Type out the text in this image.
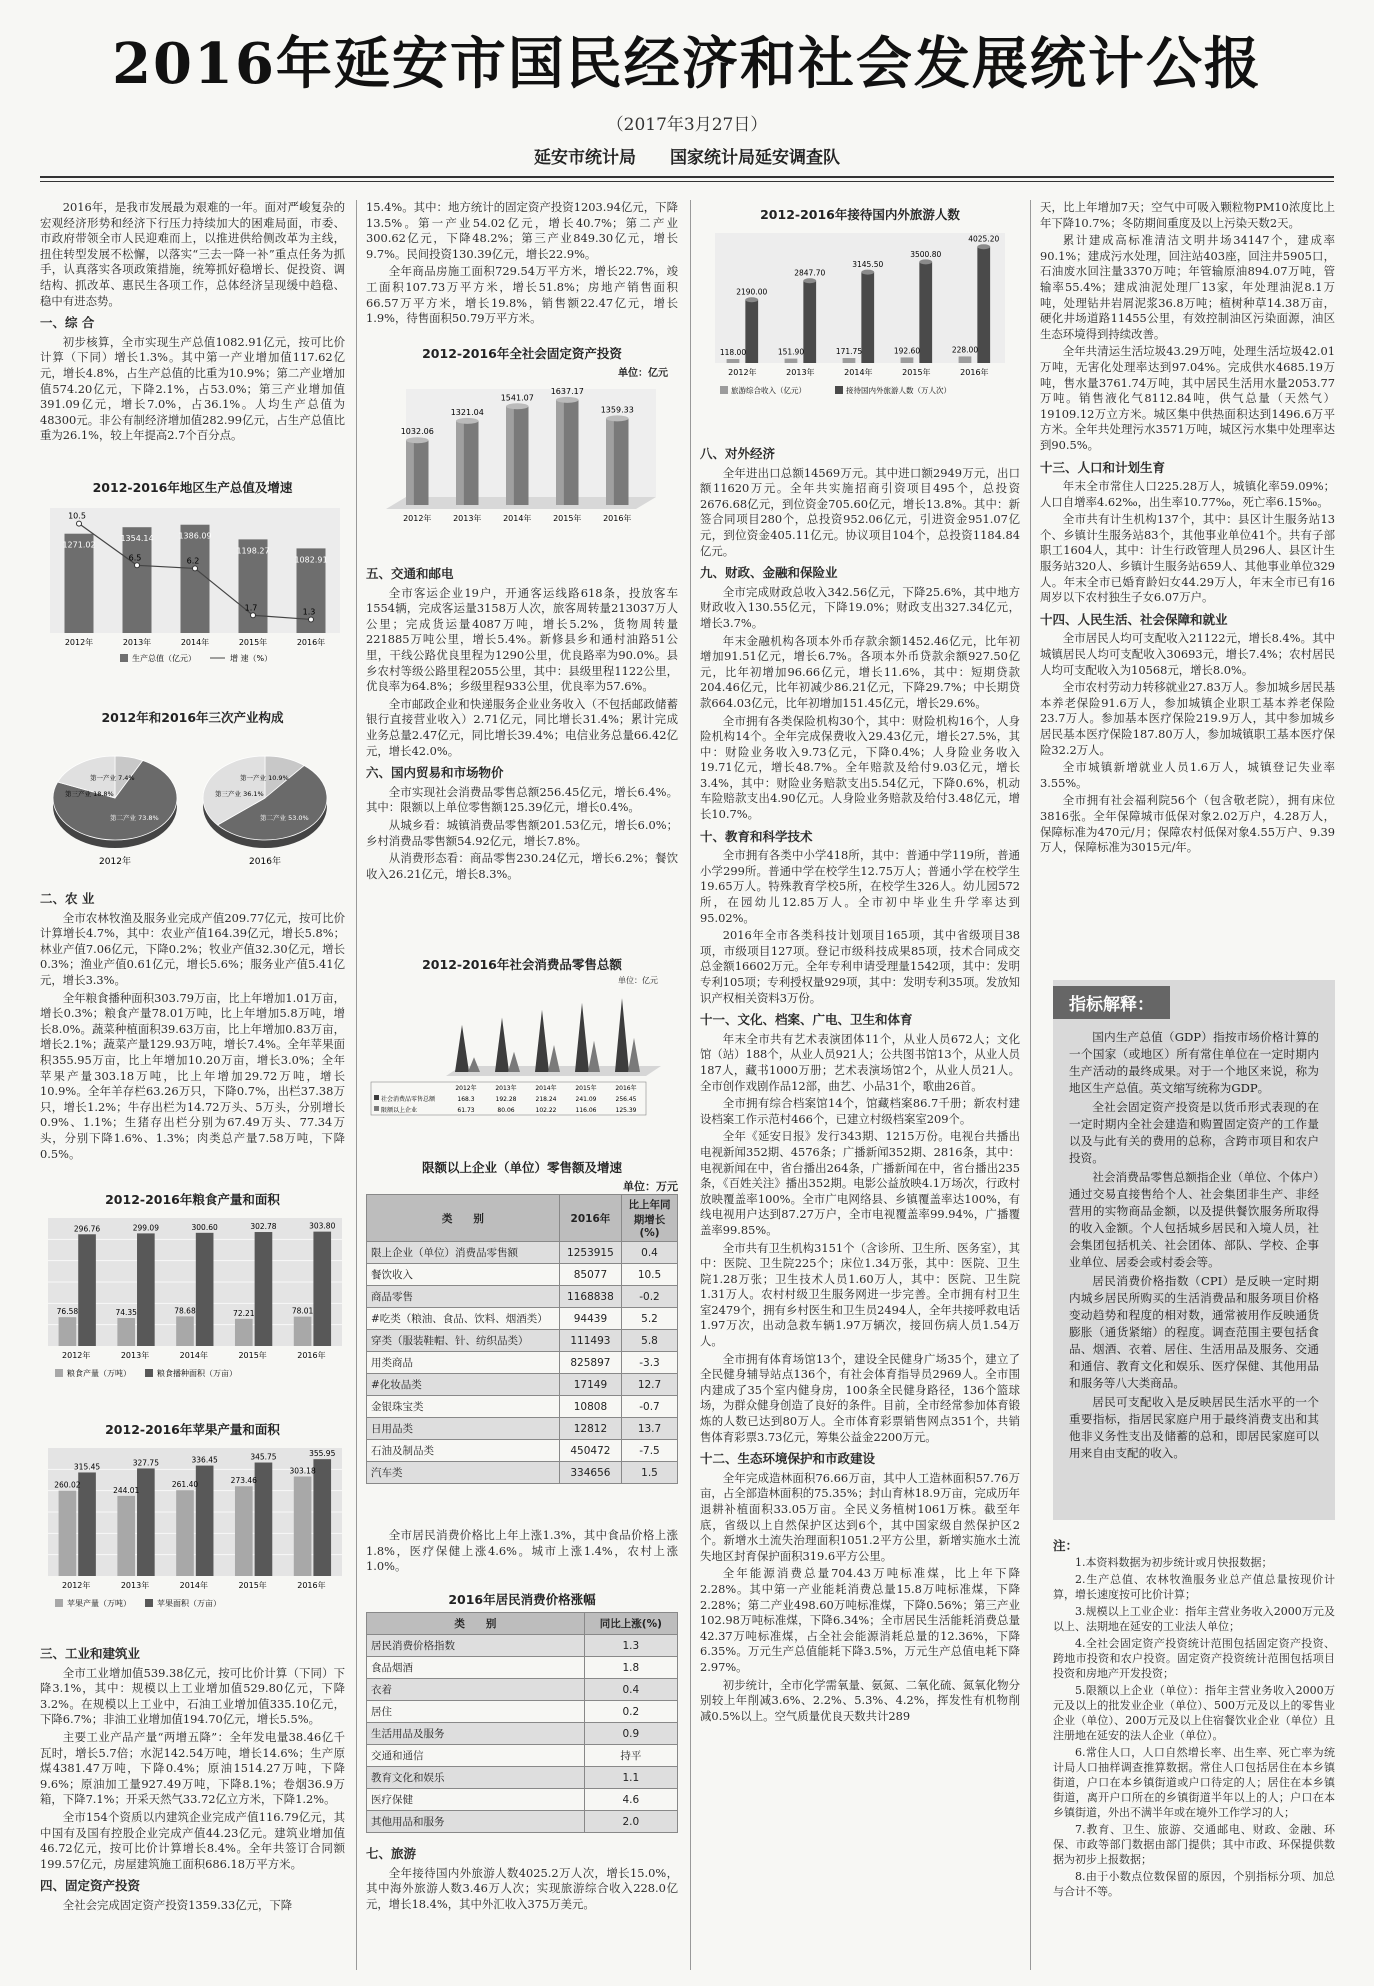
2016年延安市国民经济和社会发展统计公报
（2017年3月27日）
延安市统计局 国家统计局延安调查队

2016年，是我市发展最为艰难的一年。面对严峻复杂的宏观经济形势和经济下行压力持续加大的困难局面，市委、市政府带领全市人民迎难而上，以推进供给侧改革为主线，扭住转型发展不松懈，以落实“三去一降一补”重点任务为抓手，认真落实各项政策措施，统筹抓好稳增长、促投资、调结构、抓改革、惠民生各项工作，总体经济呈现缓中趋稳、稳中有进态势。

一、综 合

初步核算，全市实现生产总值1082.91亿元，按可比价计算（下同）增长1.3%。其中第一产业增加值117.62亿元，增长4.8%，占生产总值的比重为10.9%；第二产业增加值574.20亿元，下降2.1%，占53.0%；第三产业增加值391.09亿元，增长7.0%，占36.1%。人均生产总值为48300元。非公有制经济增加值282.99亿元，占生产总值比重为26.1%，较上年提高2.7个百分点。

2012-2016年地区生产总值及增速
1271.02
2012年
1354.14
2013年
1386.09
2014年
1198.27
2015年
1082.91
2016年
10.5
6.5	6.2
1.7	1.3
生产总值（亿元）	增 速（%）
2012年和2016年三次产业构成
第一产业 7.4%
第三产业 18.8%
第二产业 73.8%
2012年
第一产业 10.9%
第三产业 36.1%
第二产业 53.0%
2016年
二、农 业

全市农林牧渔及服务业完成产值209.77亿元，按可比价计算增长4.7%，其中：农业产值164.39亿元，增长5.8%；林业产值7.06亿元，下降0.2%；牧业产值32.30亿元，增长0.3%；渔业产值0.61亿元，增长5.6%；服务业产值5.41亿元，增长3.3%。

全年粮食播种面积303.79万亩，比上年增加1.01万亩，增长0.3%；粮食产量78.01万吨，比上年增加5.8万吨，增长8.0%。蔬菜种植面积39.63万亩，比上年增加0.83万亩，增长2.1%；蔬菜产量129.93万吨，增长7.4%。全年苹果面积355.95万亩，比上年增加10.20万亩，增长3.0%；全年苹果产量303.18万吨，比上年增加29.72万吨，增长10.9%。全年羊存栏63.26万只，下降0.7%，出栏37.38万只，增长1.2%；牛存出栏为14.72万头、5万头，分别增长0.9%、1.1%；生猪存出栏分别为67.49万头、77.34万头，分别下降1.6%、1.3%；肉类总产量7.58万吨，下降0.5%。

2012-2016年粮食产量和面积
76.58
296.76
2012年
74.35
299.09
2013年
78.68
300.60
2014年
72.21
302.78
2015年
78.01
303.80
2016年
粮食产量（万吨）	粮食播种面积（万亩）
2012-2016年苹果产量和面积
260.02
315.45
2012年
244.01
327.75
2013年
261.40
336.45
2014年
273.46
345.75
2015年
303.18
355.95
2016年
苹果产量（万吨）	苹果面积（万亩）
三、工业和建筑业

全市工业增加值539.38亿元，按可比价计算（下同）下降3.1%，其中：规模以上工业增加值529.80亿元，下降3.2%。在规模以上工业中，石油工业增加值335.10亿元，下降6.7%；非油工业增加值194.70亿元，增长5.5%。

主要工业产品产量“两增五降”：全年发电量38.46亿千瓦时，增长5.7倍；水泥142.54万吨，增长14.6%；生产原煤4381.47万吨，下降0.4%；原油1514.27万吨，下降9.6%；原油加工量927.49万吨，下降8.1%；卷烟36.9万箱，下降7.1%；开采天然气33.72亿立方米，下降1.2%。

全市154个资质以内建筑企业完成产值116.79亿元，其中国有及国有控股企业完成产值44.23亿元。建筑业增加值46.72亿元，按可比价计算增长8.4%。全年共签订合同额199.57亿元，房屋建筑施工面积686.18万平方米。

四、固定资产投资

全社会完成固定资产投资1359.33亿元，下降

15.4%。其中：地方统计的固定资产投资1203.94亿元，下降13.5%。第一产业54.02亿元，增长40.7%；第二产业300.62亿元，下降48.2%；第三产业849.30亿元，增长9.7%。民间投资130.39亿元，增长22.9%。

全年商品房施工面积729.54万平方米，增长22.7%，竣工面积107.73万平方米，增长51.8%；房地产销售面积66.57万平方米，增长19.8%，销售额22.47亿元，增长1.9%，待售面积50.79万平方米。

2012-2016年全社会固定资产投资
单位：亿元
1032.06
2012年
1321.04
2013年
1541.07
2014年
1637.17
2015年
1359.33
2016年
五、交通和邮电

全市客运企业19户，开通客运线路618条，投放客车1554辆，完成客运量3158万人次，旅客周转量213037万人公里；完成货运量4087万吨，增长5.2%，货物周转量221885万吨公里，增长5.4%。新修县乡和通村油路51公里，干线公路优良里程为1290公里，优良路率为90.0%。县乡农村等级公路里程2055公里，其中：县级里程1122公里，优良率为64.8%；乡级里程933公里，优良率为57.6%。

全市邮政企业和快递服务企业业务收入（不包括邮政储蓄银行直接营业收入）2.71亿元，同比增长31.4%；累计完成业务总量2.47亿元，同比增长39.4%；电信业务总量66.42亿元，增长42.0%。

六、国内贸易和市场物价

全市实现社会消费品零售总额256.45亿元，增长6.4%。其中：限额以上单位零售额125.39亿元，增长0.4%。

从城乡看：城镇消费品零售额201.53亿元，增长6.0%；乡村消费品零售额54.92亿元，增长7.8%。

从消费形态看：商品零售230.24亿元，增长6.2%；餐饮收入26.21亿元，增长8.3%。

2012-2016年社会消费品零售总额
单位：亿元
2012年
168.3
61.73
2013年
192.28
80.06
2014年
218.24
102.22
2015年
241.09
116.06
2016年
256.45
125.39
社会消费品零售总额
限额以上企业
限额以上企业（单位）零售额及增速
单位：万元
类　　别	2016年	比上年同期增长(%)
限上企业（单位）消费品零售额	1253915	0.4
餐饮收入	85077	10.5
商品零售	1168838	-0.2
#吃类（粮油、食品、饮料、烟酒类）	94439	5.2
穿类（服装鞋帽、针、纺织品类）	111493	5.8
用类商品	825897	-3.3
#化妆品类	17149	12.7
金银珠宝类	10808	-0.7
日用品类	12812	13.7
石油及制品类	450472	-7.5
汽车类	334656	1.5

全市居民消费价格比上年上涨1.3%，其中食品价格上涨1.8%，医疗保健上涨4.6%。城市上涨1.4%，农村上涨1.0%。

2016年居民消费价格涨幅
类　　别	同比上涨(%)
居民消费价格指数	1.3
食品烟酒	1.8
衣着	0.4
居住	0.2
生活用品及服务	0.9
交通和通信	持平
教育文化和娱乐	1.1
医疗保健	4.6
其他用品和服务	2.0
七、旅游

全年接待国内外旅游人数4025.2万人次，增长15.0%，其中海外旅游人数3.46万人次；实现旅游综合收入228.0亿元，增长18.4%，其中外汇收入375万美元。

2012-2016年接待国内外旅游人数
118.00
2190.00
2012年
151.90
2847.70
2013年
171.75
3145.50
2014年
192.60
3500.80
2015年
228.00
4025.20
2016年
旅游综合收入（亿元）	接待国内外旅游人数（万人次）
八、对外经济

全年进出口总额14569万元。其中进口额2949万元，出口额11620万元。全年共实施招商引资项目495个，总投资2676.68亿元，到位资金705.60亿元，增长13.8%。其中：新签合同项目280个，总投资952.06亿元，引进资金951.07亿元，到位资金405.11亿元。协议项目104个，总投资1184.84亿元。

九、财政、金融和保险业

全市完成财政总收入342.56亿元，下降25.6%，其中地方财政收入130.55亿元，下降19.0%；财政支出327.34亿元，增长3.7%。

年末金融机构各项本外币存款余额1452.46亿元，比年初增加91.51亿元，增长6.7%。各项本外币贷款余额927.50亿元，比年初增加96.66亿元，增长11.6%，其中：短期贷款204.46亿元，比年初减少86.21亿元，下降29.7%；中长期贷款664.03亿元，比年初增加151.45亿元，增长29.6%。

全市拥有各类保险机构30个，其中：财险机构16个，人身险机构14个。全年完成保费收入29.43亿元，增长27.5%，其中：财险业务收入9.73亿元，下降0.4%；人身险业务收入19.71亿元，增长48.7%。全年赔款及给付9.03亿元，增长3.4%，其中：财险业务赔款支出5.54亿元，下降0.6%，机动车险赔款支出4.90亿元。人身险业务赔款及给付3.48亿元，增长10.7%。

十、教育和科学技术

全市拥有各类中小学418所，其中：普通中学119所，普通小学299所。普通中学在校学生12.75万人；普通小学在校学生19.65万人。特殊教育学校5所，在校学生326人。幼儿园572所，在园幼儿12.85万人。全市初中毕业生升学率达到95.02%。

2016年全市各类科技计划项目165项，其中省级项目38项，市级项目127项。登记市级科技成果85项，技术合同成交总金额16602万元。全年专利申请受理量1542项，其中：发明专利105项；专利授权量929项，其中：发明专利35项。发放知识产权相关资料3万份。

十一、文化、档案、广电、卫生和体育

年末全市共有艺术表演团体11个，从业人员672人；文化馆（站）188个，从业人员921人；公共图书馆13个，从业人员187人，藏书1000万册；艺术表演场馆2个，从业人员21人。全市创作戏剧作品12部，曲艺、小品31个，歌曲26首。

全市拥有综合档案馆14个，馆藏档案86.7千册；新农村建设档案工作示范村466个，已建立村级档案室209个。

全年《延安日报》发行343期、1215万份。电视台共播出电视新闻352期、4576条；广播新闻352期、2816条，其中：电视新闻在中，省台播出264条，广播新闻在中，省台播出235条，《百姓关注》播出352期。电影公益放映4.1万场次，行政村放映覆盖率100%。全市广电网络县、乡镇覆盖率达100%，有线电视用户达到87.27万户，全市电视覆盖率99.94%，广播覆盖率99.85%。

全市共有卫生机构3151个（含诊所、卫生所、医务室），其中：医院、卫生院225个；床位1.34万张，其中：医院、卫生院1.28万张；卫生技术人员1.60万人，其中：医院、卫生院1.31万人。农村村级卫生服务网进一步完善。全市拥有村卫生室2479个，拥有乡村医生和卫生员2494人，全年共接呼救电话1.97万次，出动急救车辆1.97万辆次，接回伤病人员1.54万人。

全市拥有体育场馆13个，建设全民健身广场35个，建立了全民健身辅导站点136个，有社会体育指导员2969人。全市围内建成了35个室内健身房，100条全民健身路径，136个篮球场，为群众健身创造了良好的条件。目前，全市经常参加体育锻炼的人数已达到80万人。全市体育彩票销售网点351个，共销售体育彩票3.73亿元，筹集公益金2200万元。

十二、生态环境保护和市政建设

全年完成造林面积76.66万亩，其中人工造林面积57.76万亩，占全部造林面积的75.35%；封山育林18.9万亩，完成历年退耕补植面积33.05万亩。全民义务植树1061万株。截至年底，省级以上自然保护区达到6个，其中国家级自然保护区2个。新增水土流失治理面积1051.2平方公里，新增实施水土流失地区封育保护面积319.6平方公里。

全年能源消费总量704.43万吨标准煤，比上年下降2.28%。其中第一产业能耗消费总量15.8万吨标准煤，下降2.28%；第二产业498.60万吨标准煤，下降0.56%；第三产业102.98万吨标准煤，下降6.34%；全市居民生活能耗消费总量42.37万吨标准煤，占全社会能源消耗总量的12.36%，下降6.35%。万元生产总值能耗下降3.5%，万元生产总值电耗下降2.97%。

初步统计，全市化学需氧量、氨氮、二氧化硫、氮氧化物分别较上年削减3.6%、2.2%、5.3%、4.2%，挥发性有机物削减0.5%以上。空气质量优良天数共计289

天，比上年增加7天；空气中可吸入颗粒物PM10浓度比上年下降10.7%；冬防期间重度及以上污染天数2天。

累计建成高标准清洁文明井场34147个，建成率90.1%；建成污水处理，回注站403座，回注井5905口，石油废水回注量3370万吨；年管输原油894.07万吨，管输率55.4%；建成油泥处理厂13家，年处理油泥8.1万吨，处理钻井岩屑泥浆36.8万吨；植树种草14.38万亩，硬化井场道路11455公里，有效控制油区污染面源，油区生态环境得到持续改善。

全年共清运生活垃圾43.29万吨，处理生活垃圾42.01万吨，无害化处理率达到97.04%。完成供水4685.19万吨，售水量3761.74万吨，其中居民生活用水量2053.77万吨。销售液化气8112.84吨，供气总量（天然气）19109.12万立方米。城区集中供热面积达到1496.6万平方米。全年共处理污水3571万吨，城区污水集中处理率达到90.5%。

十三、人口和计划生育

年末全市常住人口225.28万人，城镇化率59.09%；人口自增率4.62‰，出生率10.77‰，死亡率6.15‰。

全市共有计生机构137个，其中：县区计生服务站13个、乡镇计生服务站83个，其他事业单位41个。共有子部职工1604人，其中：计生行政管理人员296人、县区计生服务站320人、乡镇计生服务站659人、其他事业单位329人。年末全市已婚育龄妇女44.29万人，年末全市已有16周岁以下农村独生子女6.07万户。

十四、人民生活、社会保障和就业

全市居民人均可支配收入21122元，增长8.4%。其中城镇居民人均可支配收入30693元，增长7.4%；农村居民人均可支配收入为10568元，增长8.0%。

全市农村劳动力转移就业27.83万人。参加城乡居民基本养老保险91.6万人，参加城镇企业职工基本养老保险23.7万人。参加基本医疗保险219.9万人，其中参加城乡居民基本医疗保险187.80万人，参加城镇职工基本医疗保险32.2万人。

全市城镇新增就业人员1.6万人，城镇登记失业率3.55%。

全市拥有社会福利院56个（包含敬老院），拥有床位3816张。全年保障城市低保对象2.02万户，4.28万人，保障标准为470元/月；保障农村低保对象4.55万户、9.39万人，保障标准为3015元/年。

指标解释：

国内生产总值（GDP）指按市场价格计算的一个国家（或地区）所有常住单位在一定时期内生产活动的最终成果。对于一个地区来说，称为地区生产总值。英文缩写统称为GDP。

全社会固定资产投资是以货币形式表现的在一定时期内全社会建造和购置固定资产的工作量以及与此有关的费用的总称，含跨市项目和农户投资。

社会消费品零售总额指企业（单位、个体户）通过交易直接售给个人、社会集团非生产、非经营用的实物商品金额，以及提供餐饮服务所取得的收入金额。个人包括城乡居民和入境人员，社会集团包括机关、社会团体、部队、学校、企事业单位、居委会或村委会等。

居民消费价格指数（CPI）是反映一定时期内城乡居民所购买的生活消费品和服务项目价格变动趋势和程度的相对数，通常被用作反映通货膨胀（通货紧缩）的程度。调查范围主要包括食品、烟酒、衣着、居住、生活用品及服务、交通和通信、教育文化和娱乐、医疗保健、其他用品和服务等八大类商品。

居民可支配收入是反映居民生活水平的一个重要指标，指居民家庭户用于最终消费支出和其他非义务性支出及储蓄的总和，即居民家庭可以用来自由支配的收入。

注：

1.本资料数据为初步统计或月快报数据；

2.生产总值、农林牧渔服务业总产值总量按现价计算，增长速度按可比价计算；

3.规模以上工业企业：指年主营业务收入2000万元及以上、法期地在延安的工业法人单位；

4.全社会固定资产投资统计范围包括固定资产投资、跨地市投资和农户投资。固定资产投资统计范围包括项目投资和房地产开发投资；

5.限额以上企业（单位）：指年主营业务收入2000万元及以上的批发业企业（单位）、500万元及以上的零售业企业（单位）、200万元及以上住宿餐饮业企业（单位）且注册地在延安的法人企业（单位）。

6.常住人口，人口自然增长率、出生率、死亡率为统计局人口抽样调查推算数据。常住人口包括居住在本乡镇街道，户口在本乡镇街道或户口待定的人；居住在本乡镇街道，离开户口所在的乡镇街道半年以上的人；户口在本乡镇街道，外出不满半年或在境外工作学习的人；

7.教育、卫生、旅游、交通邮电、财政、金融、环保、市政等部门数据由部门提供；其中市政、环保提供数据为初步上报数据；

8.由于小数点位数保留的原因，个别指标分项、加总与合计不等。
